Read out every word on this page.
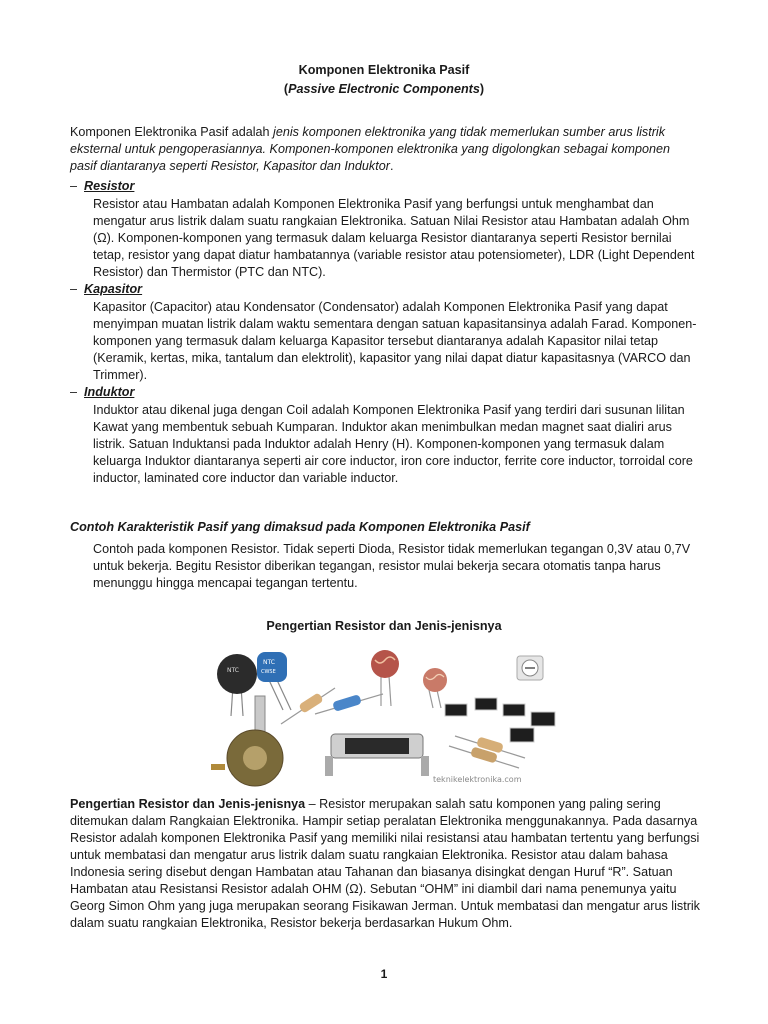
Komponen Elektronika Pasif
(Passive Electronic Components)
Komponen Elektronika Pasif adalah jenis komponen elektronika yang tidak memerlukan sumber arus listrik eksternal untuk pengoperasiannya. Komponen-komponen elektronika yang digolongkan sebagai komponen pasif diantaranya seperti Resistor, Kapasitor dan Induktor.
– Resistor
Resistor atau Hambatan adalah Komponen Elektronika Pasif yang berfungsi untuk menghambat dan mengatur arus listrik dalam suatu rangkaian Elektronika. Satuan Nilai Resistor atau Hambatan adalah Ohm (Ω). Komponen-komponen yang termasuk dalam keluarga Resistor diantaranya seperti Resistor bernilai tetap, resistor yang dapat diatur hambatannya (variable resistor atau potensiometer), LDR (Light Dependent Resistor) dan Thermistor (PTC dan NTC).
– Kapasitor
Kapasitor (Capacitor) atau Kondensator (Condensator) adalah Komponen Elektronika Pasif yang dapat menyimpan muatan listrik dalam waktu sementara dengan satuan kapasitansinya adalah Farad. Komponen-komponen yang termasuk dalam keluarga Kapasitor tersebut diantaranya adalah Kapasitor nilai tetap (Keramik, kertas, mika, tantalum dan elektrolit), kapasitor yang nilai dapat diatur kapasitasnya (VARCO dan Trimmer).
– Induktor
Induktor atau dikenal juga dengan Coil adalah Komponen Elektronika Pasif yang terdiri dari susunan lilitan Kawat yang membentuk sebuah Kumparan. Induktor akan menimbulkan medan magnet saat dialiri arus listrik. Satuan Induktansi pada Induktor adalah Henry (H). Komponen-komponen yang termasuk dalam keluarga Induktor diantaranya seperti air core inductor, iron core inductor, ferrite core inductor, torroidal core inductor, laminated core inductor dan variable inductor.
Contoh Karakteristik Pasif yang dimaksud pada Komponen Elektronika Pasif
Contoh pada komponen Resistor. Tidak seperti Dioda, Resistor tidak memerlukan tegangan 0,3V atau 0,7V untuk bekerja. Begitu Resistor diberikan tegangan, resistor mulai bekerja secara otomatis tanpa harus menunggu hingga mencapai tegangan tertentu.
Pengertian Resistor dan Jenis-jenisnya
NTC
NTC
CWSE
teknikelektronika.com
Pengertian Resistor dan Jenis-jenisnya – Resistor merupakan salah satu komponen yang paling sering ditemukan dalam Rangkaian Elektronika. Hampir setiap peralatan Elektronika menggunakannya. Pada dasarnya Resistor adalah komponen Elektronika Pasif yang memiliki nilai resistansi atau hambatan tertentu yang berfungsi untuk membatasi dan mengatur arus listrik dalam suatu rangkaian Elektronika. Resistor atau dalam bahasa Indonesia sering disebut dengan Hambatan atau Tahanan dan biasanya disingkat dengan Huruf “R”. Satuan Hambatan atau Resistansi Resistor adalah OHM (Ω). Sebutan “OHM” ini diambil dari nama penemunya yaitu Georg Simon Ohm yang juga merupakan seorang Fisikawan Jerman. Untuk membatasi dan mengatur arus listrik dalam suatu rangkaian Elektronika, Resistor bekerja berdasarkan Hukum Ohm.
1
